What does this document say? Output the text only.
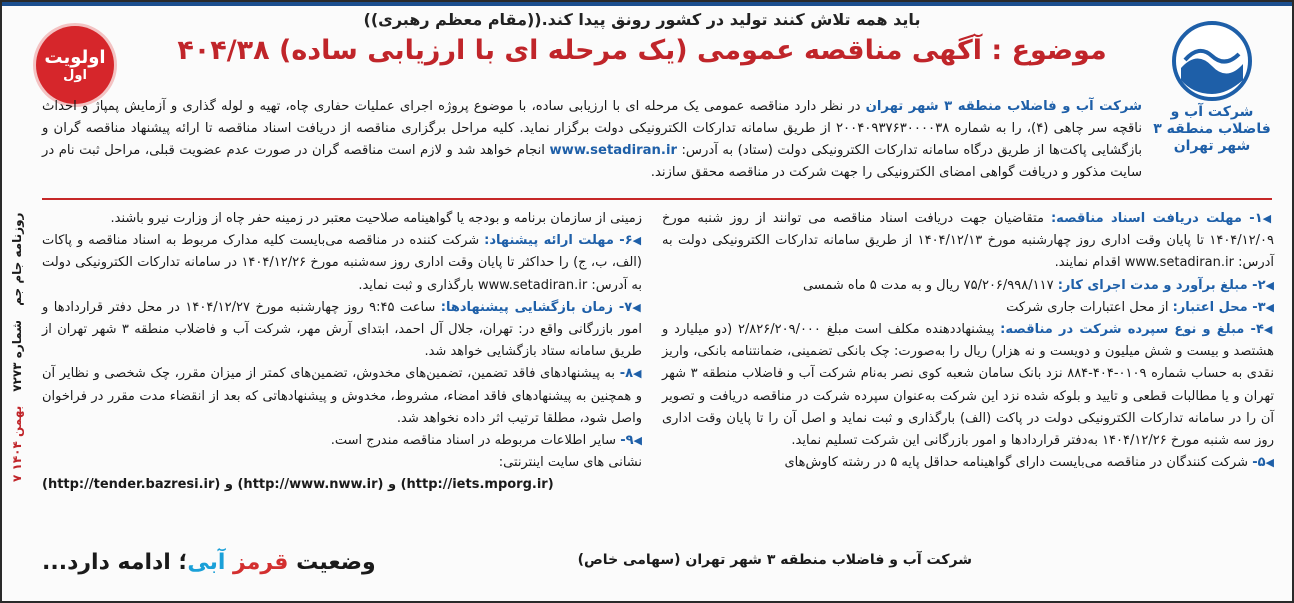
اولویت
اول
شرکت آب و فاضلاب منطقه ۳ شهر تهران
۷ بهمن ۱۴۰۴
شماره ۷۲۷۳
روزنامه جام جم
باید همه تلاش کنند تولید در کشور رونق پیدا کند.((مقام معظم رهبری))
موضوع : آگهی مناقصه عمومی (یک مرحله ای با ارزیابی ساده) ۴۰۴/۳۸
شرکت آب و فاضلاب منطقه ۳ شهر تهران در نظر دارد مناقصه عمومی یک مرحله ای با ارزیابی ساده، با موضوع پروژه اجرای عملیات حفاری چاه، تهیه و لوله گذاری و آزمایش پمپاژ و احداث ناقچه سر چاهی (۴)، را به شماره ۲۰۰۴۰۹۳۷۶۳۰۰۰۰۳۸ از طریق سامانه تدارکات الکترونیکی دولت برگزار نماید. کلیه مراحل برگزاری مناقصه از دریافت اسناد مناقصه تا ارائه پیشنهاد مناقصه گران و بازگشایی پاکت‌ها از طریق درگاه سامانه تدارکات الکترونیکی دولت (ستاد) به آدرس: www.setadiran.ir انجام خواهد شد و لازم است مناقصه گران در صورت عدم عضویت قبلی، مراحل ثبت نام در سایت مذکور و دریافت گواهی امضای الکترونیکی را جهت شرکت در مناقصه محقق سازند.

◀۱- مهلت دریافت اسناد مناقصه: متقاضیان جهت دریافت اسناد مناقصه می توانند از روز شنبه مورخ ۱۴۰۴/۱۲/۰۹ تا پایان وقت اداری روز چهارشنبه مورخ ۱۴۰۴/۱۲/۱۳ از طریق سامانه تدارکات الکترونیکی دولت به آدرس: www.setadiran.ir اقدام نمایند.

◀۲- مبلغ برآورد و مدت اجرای کار: ۷۵/۲۰۶/۹۹۸/۱۱۷ ریال و به مدت ۵ ماه شمسی

◀۳- محل اعتبار: از محل اعتبارات جاری شرکت

◀۴- مبلغ و نوع سپرده شرکت در مناقصه: پیشنهاددهنده مکلف است مبلغ ۲/۸۲۶/۲۰۹/۰۰۰ (دو میلیارد و هشتصد و بیست و شش میلیون و دویست و نه هزار) ریال را به‌صورت: چک بانکی تضمینی، ضمانتنامه بانکی، واریز نقدی به حساب شماره ۰۱۰۹-۴۰۴-۸۸۴ نزد بانک سامان شعبه کوی نصر به‌نام شرکت آب و فاضلاب منطقه ۳ شهر تهران و یا مطالبات قطعی و تایید و بلوکه شده نزد این شرکت به‌عنوان سپرده شرکت در مناقصه دریافت و تصویر آن را در سامانه تدارکات الکترونیکی دولت در پاکت (الف) بارگذاری و ثبت نماید و اصل آن را تا پایان وقت اداری روز سه شنبه مورخ ۱۴۰۴/۱۲/۲۶ به‌دفتر قراردادها و امور بازرگانی این شرکت تسلیم نماید.

◀۵- شرکت کنندگان در مناقصه می‌بایست دارای گواهینامه حداقل پایه ۵ در رشته کاوش‌های

زمینی از سازمان برنامه و بودجه یا گواهینامه صلاحیت معتبر در زمینه حفر چاه از وزارت نیرو باشند.

◀۶- مهلت ارائه پیشنهاد: شرکت کننده در مناقصه می‌بایست کلیه مدارک مربوط به اسناد مناقصه و پاکات (الف، ب، ج) را حداکثر تا پایان وقت اداری روز سه‌شنبه مورخ ۱۴۰۴/۱۲/۲۶ در سامانه تدارکات الکترونیکی دولت به آدرس: www.setadiran.ir بارگذاری و ثبت نماید.

◀۷- زمان بازگشایی پیشنهادها: ساعت ۹:۴۵ روز چهارشنبه مورخ ۱۴۰۴/۱۲/۲۷ در محل دفتر قراردادها و امور بازرگانی واقع در: تهران، جلال آل احمد، ابتدای آرش مهر، شرکت آب و فاضلاب منطقه ۳ شهر تهران از طریق سامانه ستاد بازگشایی خواهد شد.

◀۸- به پیشنهادهای فاقد تضمین، تضمین‌های مخدوش، تضمین‌های کمتر از میزان مقرر، چک شخصی و نظایر آن و همچنین به پیشنهادهای فاقد امضاء، مشروط، مخدوش و پیشنهادهاتی که بعد از انقضاء مدت مقرر در فراخوان واصل شود، مطلقا ترتیب اثر داده نخواهد شد.

◀۹- سایر اطلاعات مربوطه در اسناد مناقصه مندرج است.

نشانی های سایت اینترنتی:

(http://tender.bazresi.ir) و (http://www.nww.ir) و (http://iets.mporg.ir)

شرکت آب و فاضلاب منطقه ۳ شهر تهران (سهامی خاص)
وضعیت قرمز آبی؛ ادامه دارد...
